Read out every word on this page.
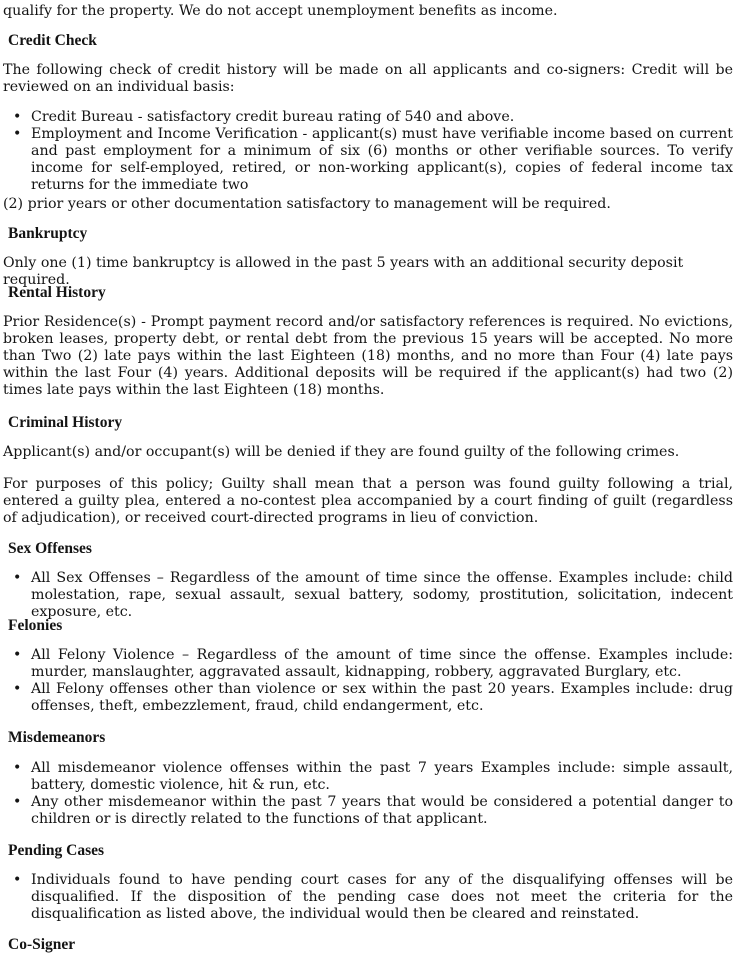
qualify for the property. We do not accept unemployment benefits as income.

Credit Check

The following check of credit history will be made on all applicants and co-signers: Credit will be reviewed on an individual basis:

• Credit Bureau - satisfactory credit bureau rating of 540 and above.
• Employment and Income Verification - applicant(s) must have verifiable income based on current and past employment for a minimum of six (6) months or other verifiable sources. To verify income for self-employed, retired, or non-working applicant(s), copies of federal income tax returns for the immediate two

(2) prior years or other documentation satisfactory to management will be required.

Bankruptcy

Only one (1) time bankruptcy is allowed in the past 5 years with an additional security deposit required.

Rental History

Prior Residence(s) - Prompt payment record and/or satisfactory references is required. No evictions, broken leases, property debt, or rental debt from the previous 15 years will be accepted. No more than Two (2) late pays within the last Eighteen (18) months, and no more than Four (4) late pays within the last Four (4) years. Additional deposits will be required if the applicant(s) had two (2) times late pays within the last Eighteen (18) months.

Criminal History

Applicant(s) and/or occupant(s) will be denied if they are found guilty of the following crimes.

For purposes of this policy; Guilty shall mean that a person was found guilty following a trial, entered a guilty plea, entered a no-contest plea accompanied by a court finding of guilt (regardless of adjudication), or received court-directed programs in lieu of conviction.

Sex Offenses

• All Sex Offenses – Regardless of the amount of time since the offense. Examples include: child molestation, rape, sexual assault, sexual battery, sodomy, prostitution, solicitation, indecent exposure, etc.

Felonies

• All Felony Violence – Regardless of the amount of time since the offense. Examples include: murder, manslaughter, aggravated assault, kidnapping, robbery, aggravated Burglary, etc.
• All Felony offenses other than violence or sex within the past 20 years. Examples include: drug offenses, theft, embezzlement, fraud, child endangerment, etc.

Misdemeanors

• All misdemeanor violence offenses within the past 7 years Examples include: simple assault, battery, domestic violence, hit & run, etc.
• Any other misdemeanor within the past 7 years that would be considered a potential danger to children or is directly related to the functions of that applicant.

Pending Cases

• Individuals found to have pending court cases for any of the disqualifying offenses will be disqualified. If the disposition of the pending case does not meet the criteria for the disqualification as listed above, the individual would then be cleared and reinstated.

Co-Signer
